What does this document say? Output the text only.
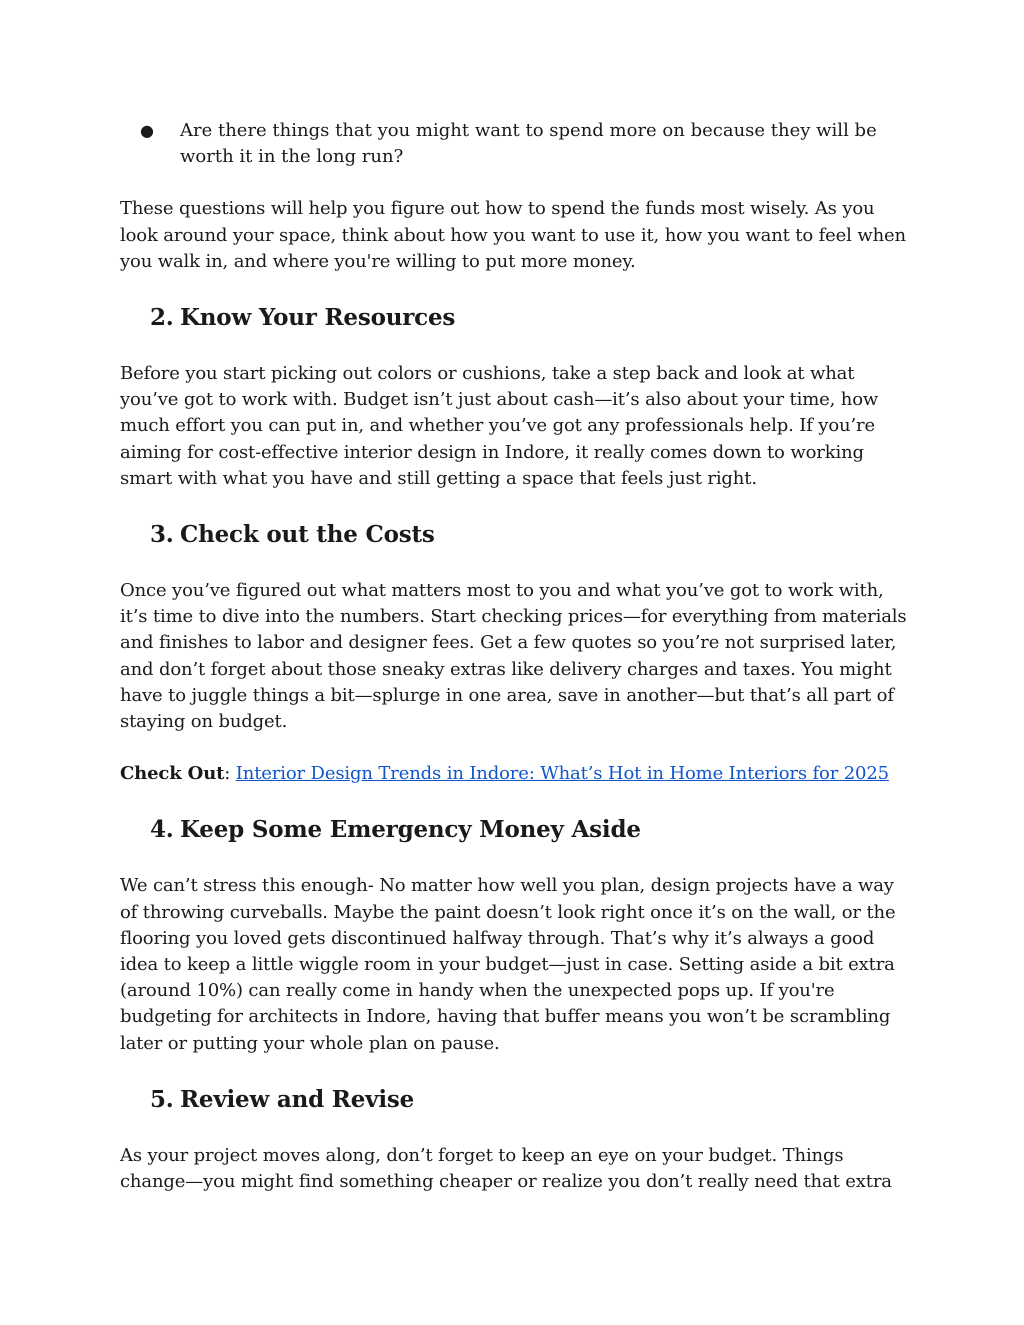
● Are there things that you might want to spend more on because they will be worth it in the long run?

These questions will help you figure out how to spend the funds most wisely. As you look around your space, think about how you want to use it, how you want to feel when you walk in, and where you're willing to put more money.

2. Know Your Resources

Before you start picking out colors or cushions, take a step back and look at what you’ve got to work with. Budget isn’t just about cash—it’s also about your time, how much effort you can put in, and whether you’ve got any professionals help. If you’re aiming for cost-effective interior design in Indore, it really comes down to working smart with what you have and still getting a space that feels just right.

3. Check out the Costs

Once you’ve figured out what matters most to you and what you’ve got to work with, it’s time to dive into the numbers. Start checking prices—for everything from materials and finishes to labor and designer fees. Get a few quotes so you’re not surprised later, and don’t forget about those sneaky extras like delivery charges and taxes. You might have to juggle things a bit—splurge in one area, save in another—but that’s all part of staying on budget.

Check Out: Interior Design Trends in Indore: What’s Hot in Home Interiors for 2025

4. Keep Some Emergency Money Aside

We can’t stress this enough- No matter how well you plan, design projects have a way of throwing curveballs. Maybe the paint doesn’t look right once it’s on the wall, or the flooring you loved gets discontinued halfway through. That’s why it’s always a good idea to keep a little wiggle room in your budget—just in case. Setting aside a bit extra (around 10%) can really come in handy when the unexpected pops up. If you're budgeting for architects in Indore, having that buffer means you won’t be scrambling later or putting your whole plan on pause.

5. Review and Revise

As your project moves along, don’t forget to keep an eye on your budget. Things change—you might find something cheaper or realize you don’t really need that extra
